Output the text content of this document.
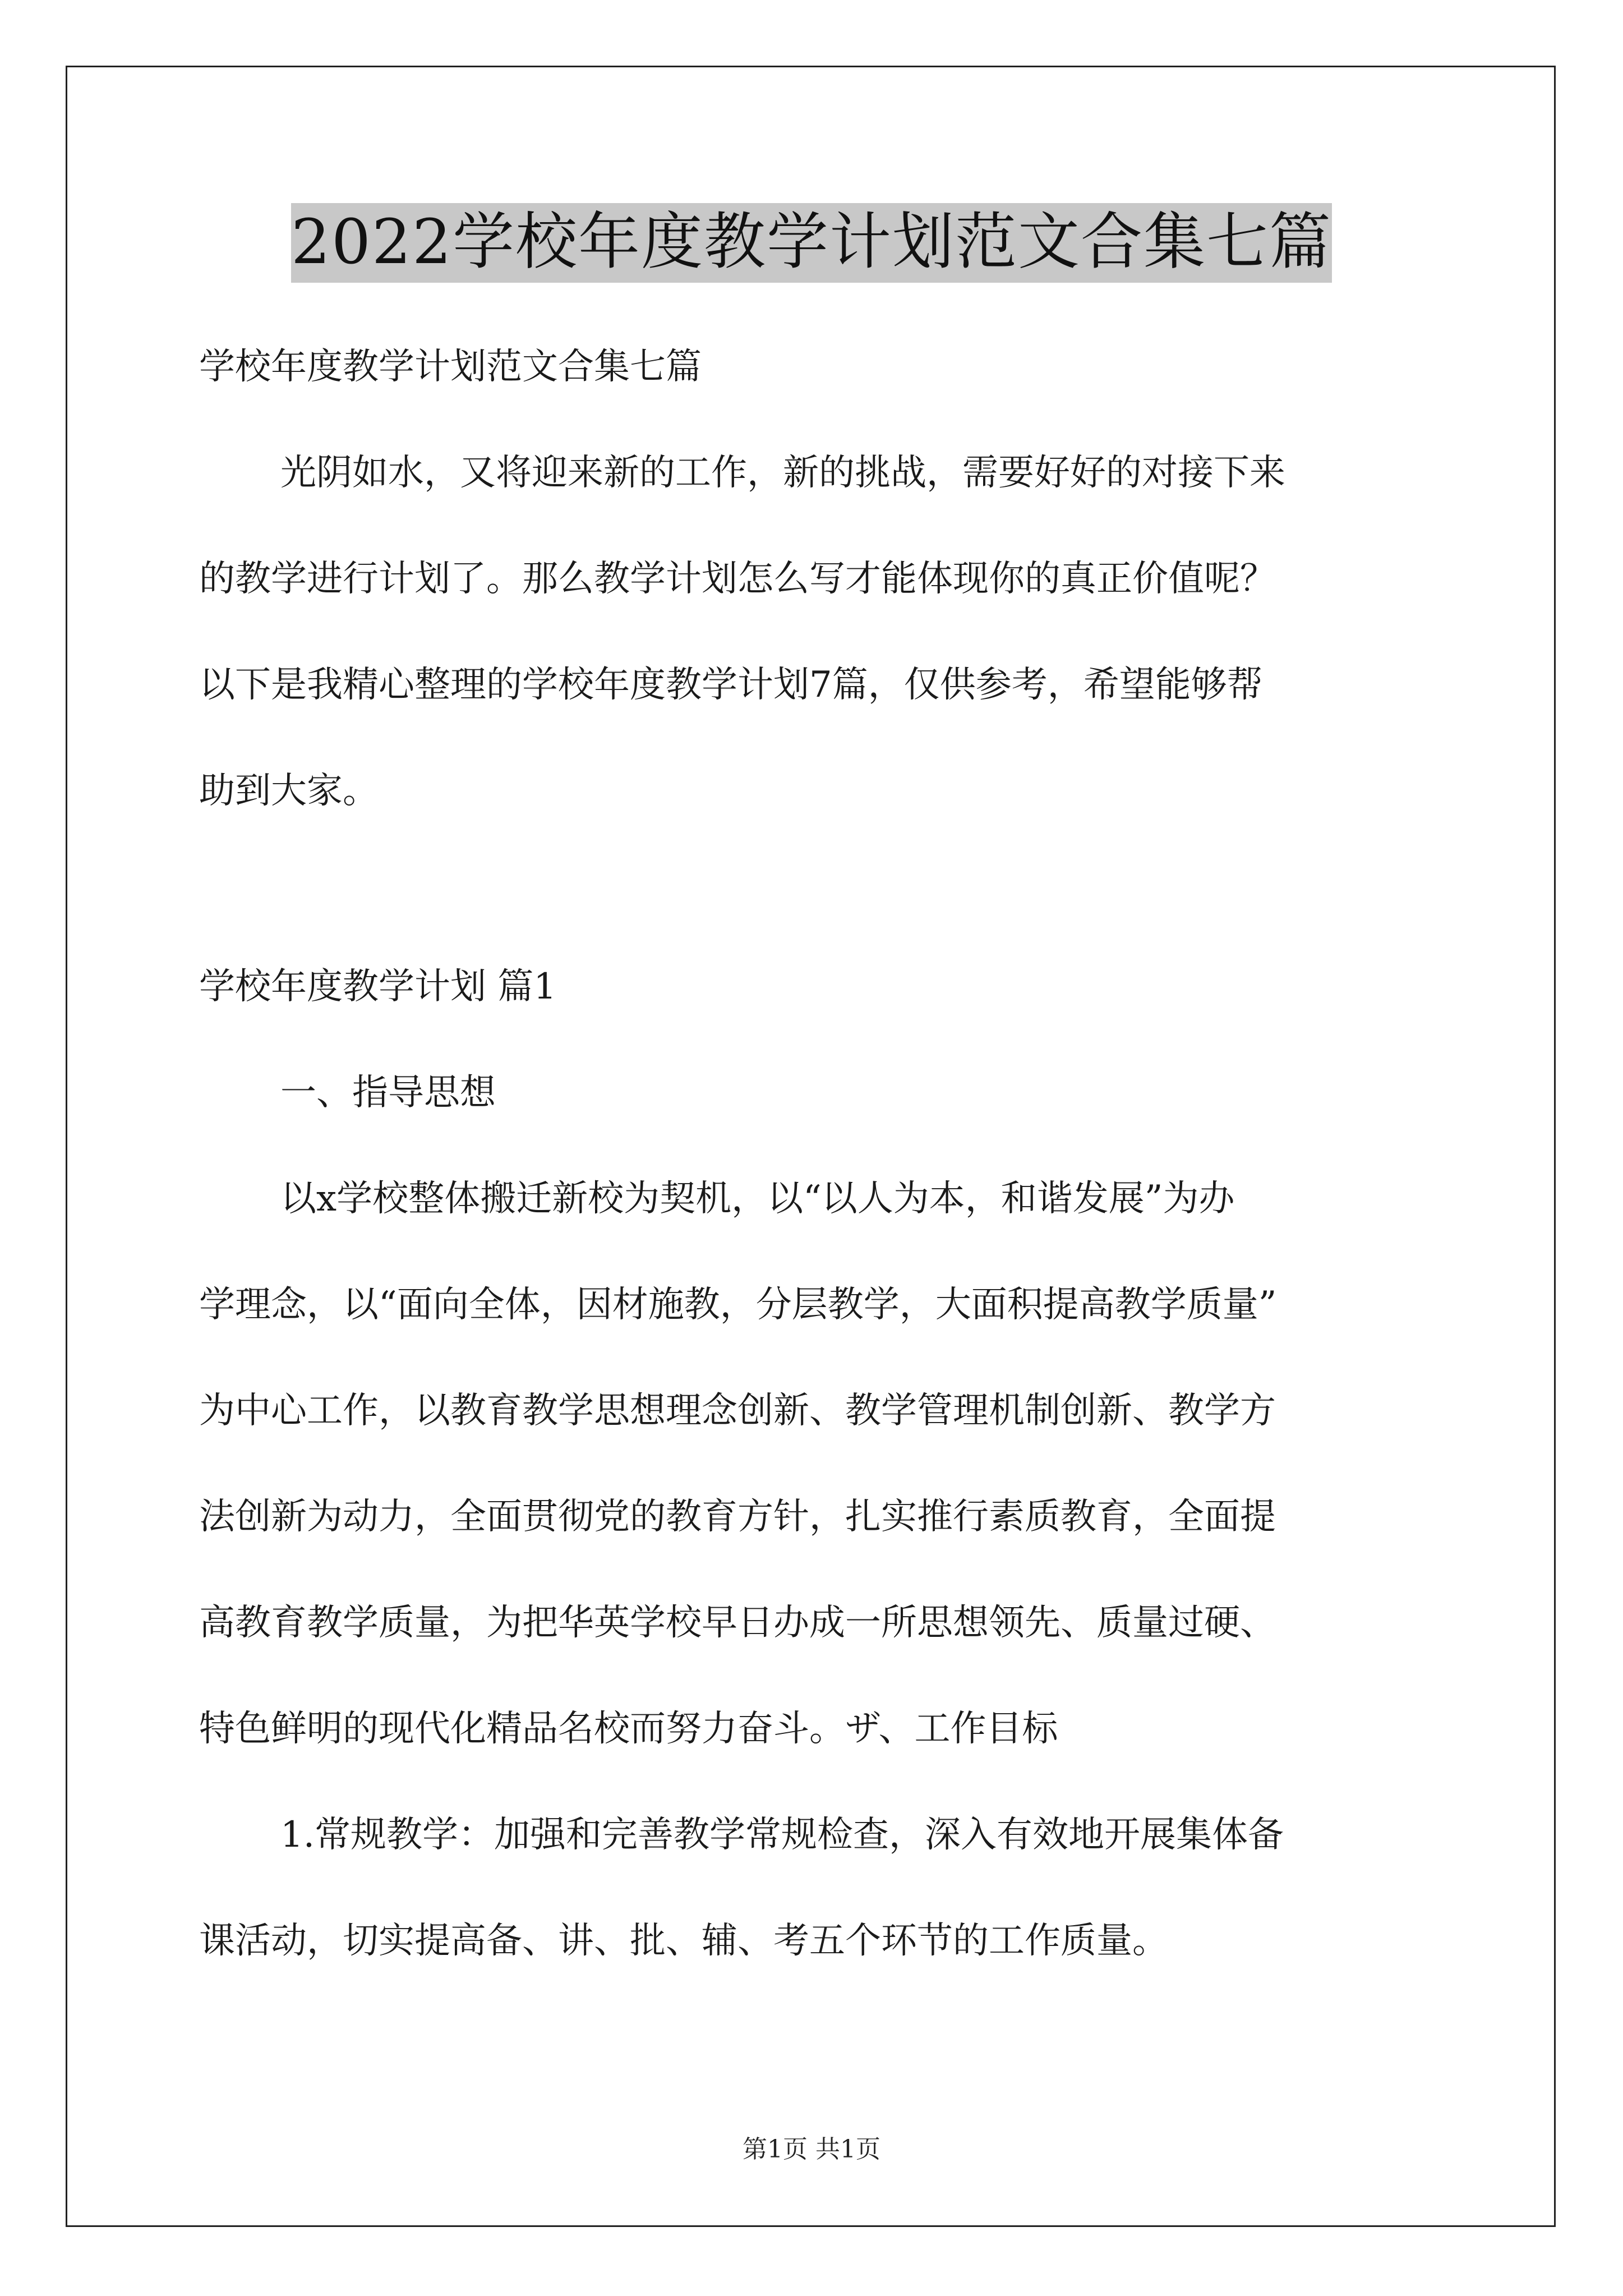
2022学校年度教学计划范文合集七篇

学校年度教学计划范文合集七篇

光阴如水，又将迎来新的工作，新的挑战，需要好好的对接下来

的教学进行计划了。那么教学计划怎么写才能体现你的真正价值呢？

以下是我精心整理的学校年度教学计划7篇，仅供参考，希望能够帮

助到大家。

学校年度教学计划 篇1

一、指导思想

以x学校整体搬迁新校为契机，以“以人为本，和谐发展”为办

学理念，以“面向全体，因材施教，分层教学，大面积提高教学质量”

为中心工作，以教育教学思想理念创新、教学管理机制创新、教学方

法创新为动力，全面贯彻党的教育方针，扎实推行素质教育，全面提

高教育教学质量，为把华英学校早日办成一所思想领先、质量过硬、

特色鲜明的现代化精品名校而努力奋斗。ザ、工作目标

1.常规教学：加强和完善教学常规检查，深入有效地开展集体备

课活动，切实提高备、讲、批、辅、考五个环节的工作质量。

第1页 共1页
